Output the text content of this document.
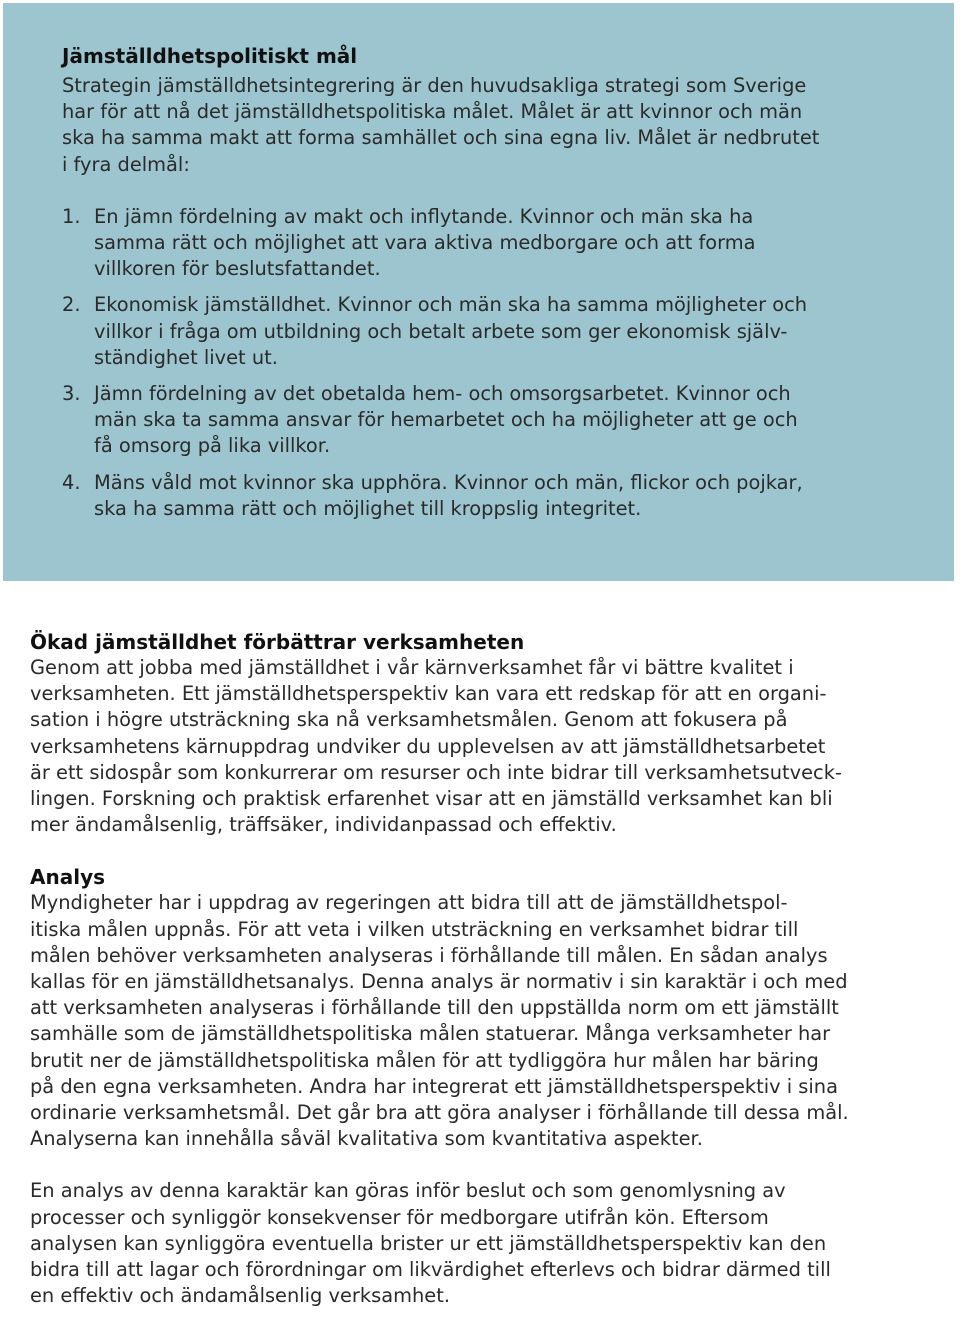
Jämställdhetspolitiskt mål

Strategin jämställdhetsintegrering är den huvudsakliga strategi som Sverige
har för att nå det jämställdhetspolitiska målet. Målet är att kvinnor och män
ska ha samma makt att forma samhället och sina egna liv. Målet är nedbrutet
i fyra delmål:

1. En jämn fördelning av makt och inflytande. Kvinnor och män ska ha
samma rätt och möjlighet att vara aktiva medborgare och att forma
villkoren för beslutsfattandet.
2. Ekonomisk jämställdhet. Kvinnor och män ska ha samma möjligheter och
villkor i fråga om utbildning och betalt arbete som ger ekonomisk själv-
ständighet livet ut.
3. Jämn fördelning av det obetalda hem- och omsorgsarbetet. Kvinnor och
män ska ta samma ansvar för hemarbetet och ha möjligheter att ge och
få omsorg på lika villkor.
4. Mäns våld mot kvinnor ska upphöra. Kvinnor och män, flickor och pojkar,
ska ha samma rätt och möjlighet till kroppslig integritet.
Ökad jämställdhet förbättrar verksamheten

Genom att jobba med jämställdhet i vår kärnverksamhet får vi bättre kvalitet i
verksamheten. Ett jämställdhetsperspektiv kan vara ett redskap för att en organi-
sation i högre utsträckning ska nå verksamhetsmålen. Genom att fokusera på
verksamhetens kärnuppdrag undviker du upplevelsen av att jämställdhetsarbetet
är ett sidospår som konkurrerar om resurser och inte bidrar till verksamhetsutveck-
lingen. Forskning och praktisk erfarenhet visar att en jämställd verksamhet kan bli
mer ändamålsenlig, träffsäker, individanpassad och effektiv.

Analys

Myndigheter har i uppdrag av regeringen att bidra till att de jämställdhetspol-
itiska målen uppnås. För att veta i vilken utsträckning en verksamhet bidrar till
målen behöver verksamheten analyseras i förhållande till målen. En sådan analys
kallas för en jämställdhetsanalys. Denna analys är normativ i sin karaktär i och med
att verksamheten analyseras i förhållande till den uppställda norm om ett jämställt
samhälle som de jämställdhetspolitiska målen statuerar. Många verksamheter har
brutit ner de jämställdhetspolitiska målen för att tydliggöra hur målen har bäring
på den egna verksamheten. Andra har integrerat ett jämställdhetsperspektiv i sina
ordinarie verksamhetsmål. Det går bra att göra analyser i förhållande till dessa mål.
Analyserna kan innehålla såväl kvalitativa som kvantitativa aspekter.

En analys av denna karaktär kan göras inför beslut och som genomlysning av
processer och synliggör konsekvenser för medborgare utifrån kön. Eftersom
analysen kan synliggöra eventuella brister ur ett jämställdhetsperspektiv kan den
bidra till att lagar och förordningar om likvärdighet efterlevs och bidrar därmed till
en effektiv och ändamålsenlig verksamhet.
